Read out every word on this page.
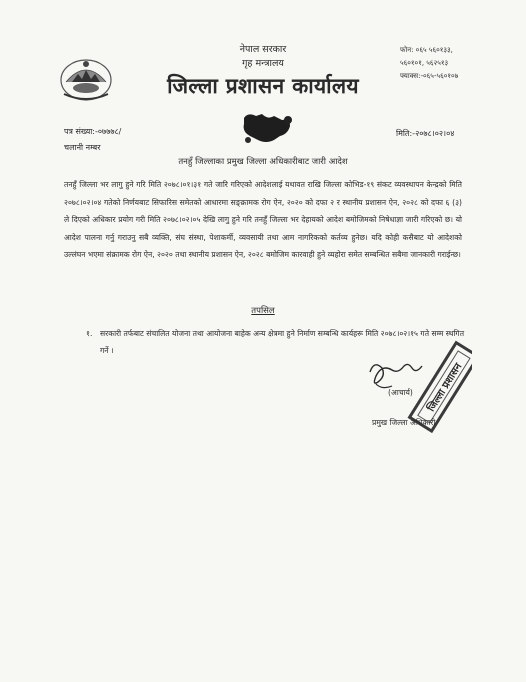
नेपाल सरकार
गृह मन्त्रालय
जिल्ला प्रशासन कार्यालय
फोन: ०६५ ५६०१३३,
५६०१०१, ५६२५१३
फ्याक्स:-०६५-५६०१०७
पत्र संख्या:-०७७७८/
चलानी नम्बर
मिति:-२०७८।०२।०४
तनहुँ जिल्लाका प्रमुख जिल्ला अधिकारीबाट जारी आदेश
तनहुँ जिल्ला भर लागु हुने गरि मिति २०७८।०१।३१ गते जारि गरिएको आदेशलाई यथावत राखि जिल्ला कोभिड-१९ संकट व्यवस्थापन केन्द्रको मिति २०७८।०२।०४ गतेको निर्णयबाट सिफारिस समेतको आधारमा सङ्क्रामक रोग ऐन, २०२० को दफा २ र स्थानीय प्रशासन ऐन, २०२८ को दफा ६ (३) ले दिएको अधिकार प्रयोग गरी मिति २०७८।०२।०५ देखि लागु हुने गरि तनहुँ जिल्ला भर देहायको आदेश बमोजिमको निषेधाज्ञा जारी गरिएको छ। यो आदेश पालना गर्नु गराउनु सबै व्यक्ति, संघ संस्था, पेशाकर्मी, व्यवसायी तथा आम नागरिकको कर्तव्य हुनेछ। यदि कोही कसैबाट यो आदेशको उल्लंघन भएमा संक्रामक रोग ऐन, २०२० तथा स्थानीय प्रशासन ऐन, २०२८ बमोजिम कारवाही हुने व्यहोरा समेत सम्बन्धित सबैमा जानकारी गराईन्छ।
तपसिल
१. सरकारी तर्फबाट संचालित योजना तथा आयोजना बाहेक अन्य क्षेत्रमा हुने निर्माण सम्बन्धि कार्यहरू मिति २०७८।०२।१५ गते सम्म स्थगित गर्ने ।
जिल्ला प्रशासन
(आचार्य)
प्रमुख जिल्ला अधिकारी
